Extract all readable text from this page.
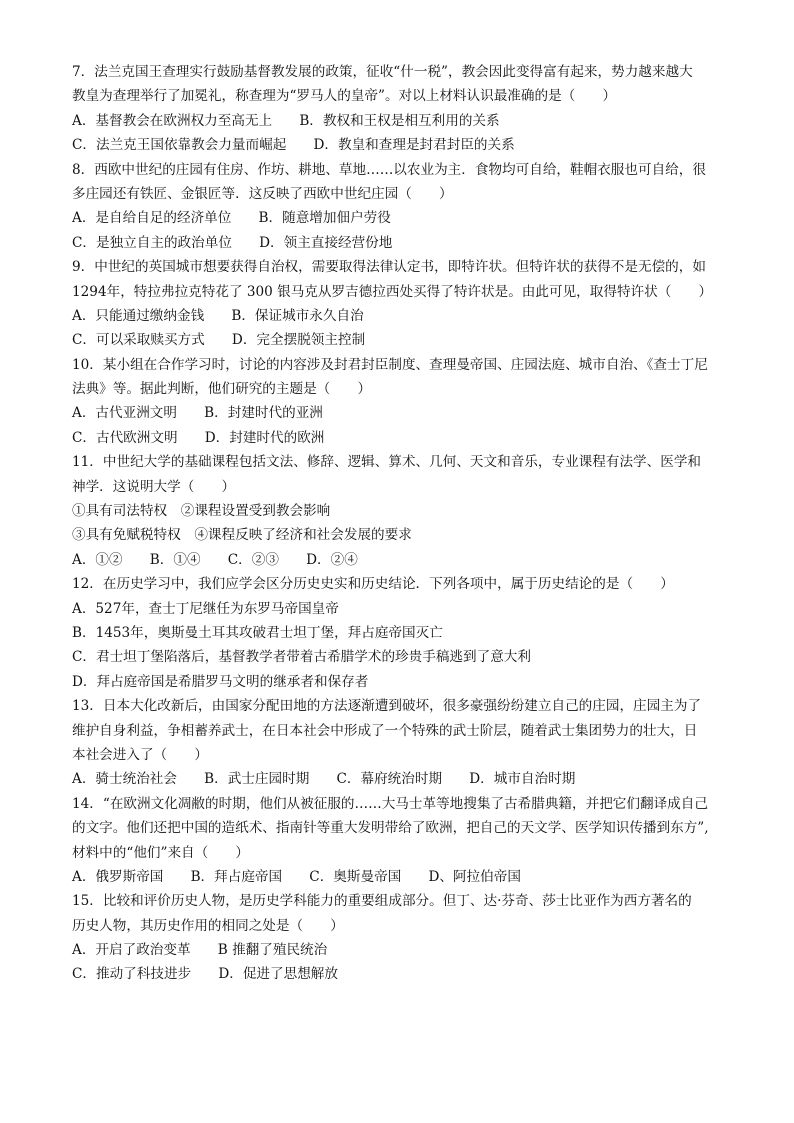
7．法兰克国王查理实行鼓励基督教发展的政策，征收“什一税”，教会因此变得富有起来，势力越来越大
教皇为查理举行了加冕礼，称查理为“罗马人的皇帝”。对以上材料认识最准确的是（　　）
A．基督教会在欧洲权力至高无上　　B．教权和王权是相互利用的关系
C．法兰克王国依靠教会力量而崛起　　D．教皇和查理是封君封臣的关系
8．西欧中世纪的庄园有住房、作坊、耕地、草地……以农业为主．食物均可自给，鞋帽衣服也可自给，很
多庄园还有铁匠、金银匠等．这反映了西欧中世纪庄园（　　）
A．是自给自足的经济单位　　B．随意增加佃户劳役
C．是独立自主的政治单位　　D．领主直接经营份地
9．中世纪的英国城市想要获得自治权，需要取得法律认定书，即特许状。但特许状的获得不是无偿的，如
1294年，特拉弗拉克特花了 300 银马克从罗吉德拉西处买得了特许状是。由此可见，取得特许状（　　）
A．只能通过缴纳金钱　　B．保证城市永久自治
C．可以采取赎买方式　　D．完全摆脱领主控制
10．某小组在合作学习时，讨论的内容涉及封君封臣制度、查理曼帝国、庄园法庭、城市自治、《查士丁尼
法典》等。据此判断，他们研究的主题是（　　）
A．古代亚洲文明　　B．封建时代的亚洲
C．古代欧洲文明　　D．封建时代的欧洲
11．中世纪大学的基础课程包括文法、修辞、逻辑、算术、几何、天文和音乐，专业课程有法学、医学和
神学．这说明大学（　　）
①具有司法特权　②课程设置受到教会影响
③具有免赋税特权　④课程反映了经济和社会发展的要求
A．①②　　B．①④　　C．②③　　D．②④
12．在历史学习中，我们应学会区分历史史实和历史结论．下列各项中，属于历史结论的是（　　）
A．527年，查士丁尼继任为东罗马帝国皇帝
B．1453年，奥斯曼土耳其攻破君士坦丁堡，拜占庭帝国灭亡
C．君士坦丁堡陷落后，基督教学者带着古希腊学术的珍贵手稿逃到了意大利
D．拜占庭帝国是希腊罗马文明的继承者和保存者
13．日本大化改新后，由国家分配田地的方法逐渐遭到破坏，很多豪强纷纷建立自己的庄园，庄园主为了
维护自身利益，争相蓄养武士，在日本社会中形成了一个特殊的武士阶层，随着武士集团势力的壮大，日
本社会进入了（　　）
A．骑士统治社会　　B．武士庄园时期　　C．幕府统治时期　　D．城市自治时期
14．“在欧洲文化凋敝的时期，他们从被征服的……大马士革等地搜集了古希腊典籍，并把它们翻译成自己
的文字。他们还把中国的造纸术、指南针等重大发明带给了欧洲，把自己的天文学、医学知识传播到东方”,
材料中的“他们”来自（　　）
A．俄罗斯帝国　　B．拜占庭帝国　　C．奥斯曼帝国　　D、阿拉伯帝国
15．比较和评价历史人物，是历史学科能力的重要组成部分。但丁、达·芬奇、莎士比亚作为西方著名的
历史人物，其历史作用的相同之处是（　　）
A．开启了政治变革　　B 推翻了殖民统治
C．推动了科技进步　　D．促进了思想解放
